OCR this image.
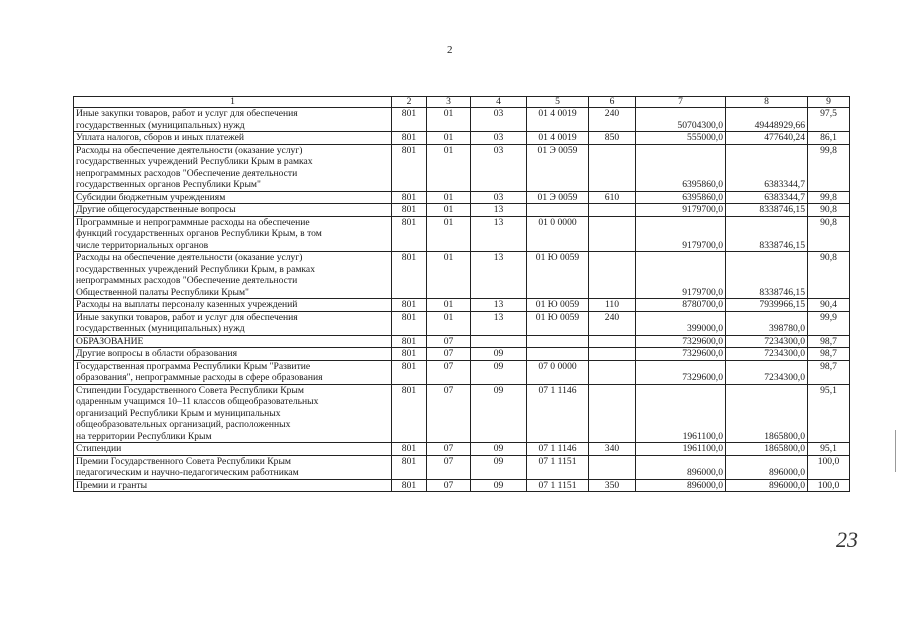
2
1	2	3	4	5	6	7	8	9
Иные закупки товаров, работ и услуг для обеспечения
государственных (муниципальных) нужд	801	01	03	01 4 0019	240	50704300,0	49448929,66	97,5
Уплата налогов, сборов и иных платежей	801	01	03	01 4 0019	850	555000,0	477640,24	86,1
Расходы на обеспечение деятельности (оказание услуг)
государственных учреждений Республики Крым в рамках
непрограммных расходов "Обеспечение деятельности
государственных органов Республики Крым"	801	01	03	01 Э 0059		6395860,0	6383344,7	99,8
Субсидии бюджетным учреждениям	801	01	03	01 Э 0059	610	6395860,0	6383344,7	99,8
Другие общегосударственные вопросы	801	01	13			9179700,0	8338746,15	90,8
Программные и непрограммные расходы на обеспечение
функций государственных органов Республики Крым, в том
числе территориальных органов	801	01	13	01 0 0000		9179700,0	8338746,15	90,8
Расходы на обеспечение деятельности (оказание услуг)
государственных учреждений Республики Крым, в рамках
непрограммных расходов "Обеспечение деятельности
Общественной палаты Республики Крым"	801	01	13	01 Ю 0059		9179700,0	8338746,15	90,8
Расходы на выплаты персоналу казенных учреждений	801	01	13	01 Ю 0059	110	8780700,0	7939966,15	90,4
Иные закупки товаров, работ и услуг для обеспечения
государственных (муниципальных) нужд	801	01	13	01 Ю 0059	240	399000,0	398780,0	99,9
ОБРАЗОВАНИЕ	801	07				7329600,0	7234300,0	98,7
Другие вопросы в области образования	801	07	09			7329600,0	7234300,0	98,7
Государственная программа Республики Крым "Развитие
образования", непрограммные расходы в сфере образования	801	07	09	07 0 0000		7329600,0	7234300,0	98,7
Стипендии Государственного Совета Республики Крым
одаренным учащимся 10–11 классов общеобразовательных
организаций Республики Крым и муниципальных
общеобразовательных организаций, расположенных
на территории Республики Крым	801	07	09	07 1 1146		1961100,0	1865800,0	95,1
Стипендии	801	07	09	07 1 1146	340	1961100,0	1865800,0	95,1
Премии Государственного Совета Республики Крым
педагогическим и научно-педагогическим работникам	801	07	09	07 1 1151		896000,0	896000,0	100,0
Премии и гранты	801	07	09	07 1 1151	350	896000,0	896000,0	100,0
23
